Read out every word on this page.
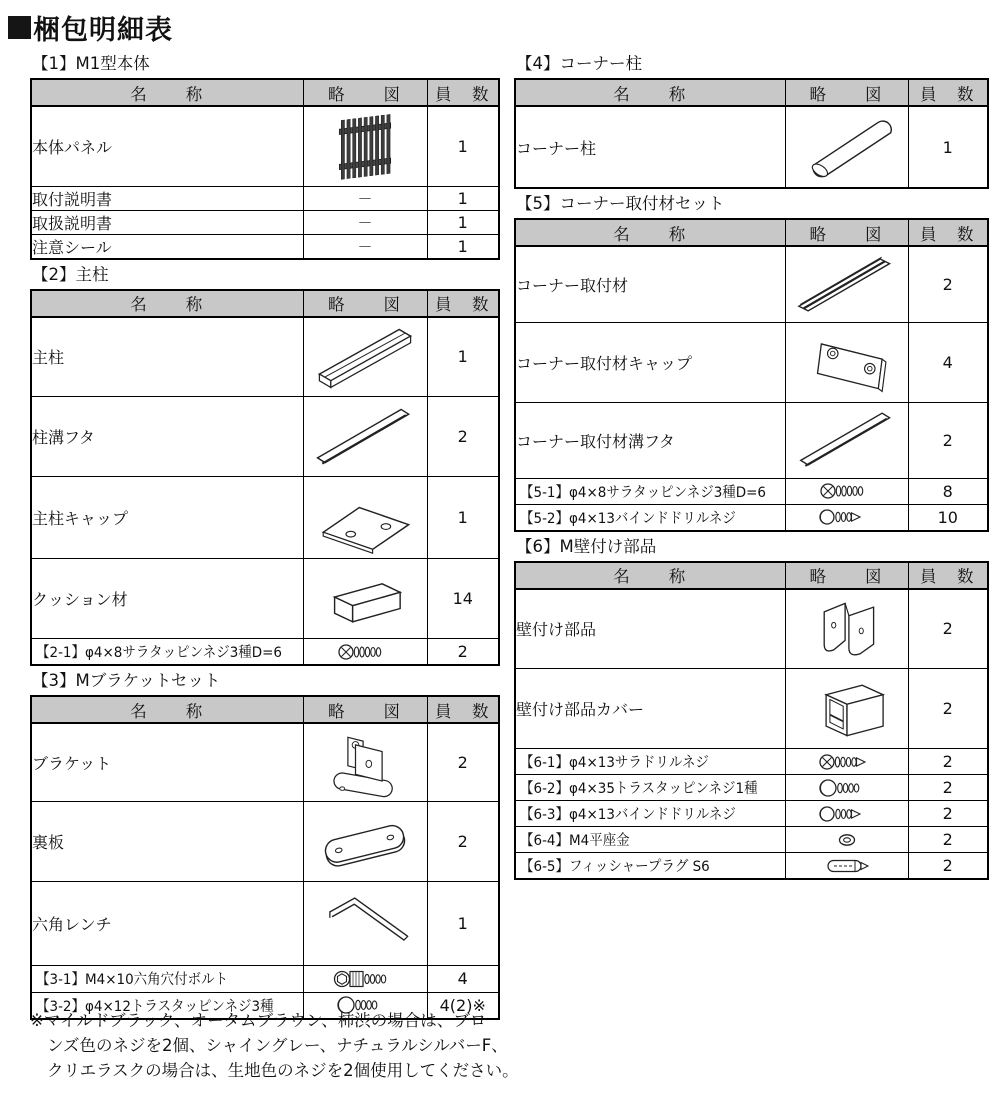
梱包明細表
【1】M1型本体
名　　称	略　　図	員　数
本体パネル		1
取付説明書	－	1
取扱説明書	－	1
注意シール	－	1
【2】主柱
名　　称	略　　図	員　数
主柱		1
柱溝フタ		2
主柱キャップ		1
クッション材		14
【2-1】φ4×8サラタッピンネジ3種D=6		2
【3】Mブラケットセット
名　　称	略　　図	員　数
ブラケット		2
裏板		2
六角レンチ		1
【3-1】M4×10六角穴付ボルト		4
【3-2】φ4×12トラスタッピンネジ3種		4(2)※
【4】コーナー柱
名　　称	略　　図	員　数
コーナー柱		1
【5】コーナー取付材セット
名　　称	略　　図	員　数
コーナー取付材		2
コーナー取付材キャップ		4
コーナー取付材溝フタ		2
【5-1】φ4×8サラタッピンネジ3種D=6		8
【5-2】φ4×13バインドドリルネジ		10
【6】M壁付け部品
名　　称	略　　図	員　数
壁付け部品		2
壁付け部品カバー		2
【6-1】φ4×13サラドリルネジ		2
【6-2】φ4×35トラスタッピンネジ1種		2
【6-3】φ4×13バインドドリルネジ		2
【6-4】M4平座金		2
【6-5】フィッシャープラグ S6		2
※マイルドブラック、オータムブラウン、柿渋の場合は、ブロ
ンズ色のネジを2個、シャイングレー、ナチュラルシルバーF、
クリエラスクの場合は、生地色のネジを2個使用してください。
